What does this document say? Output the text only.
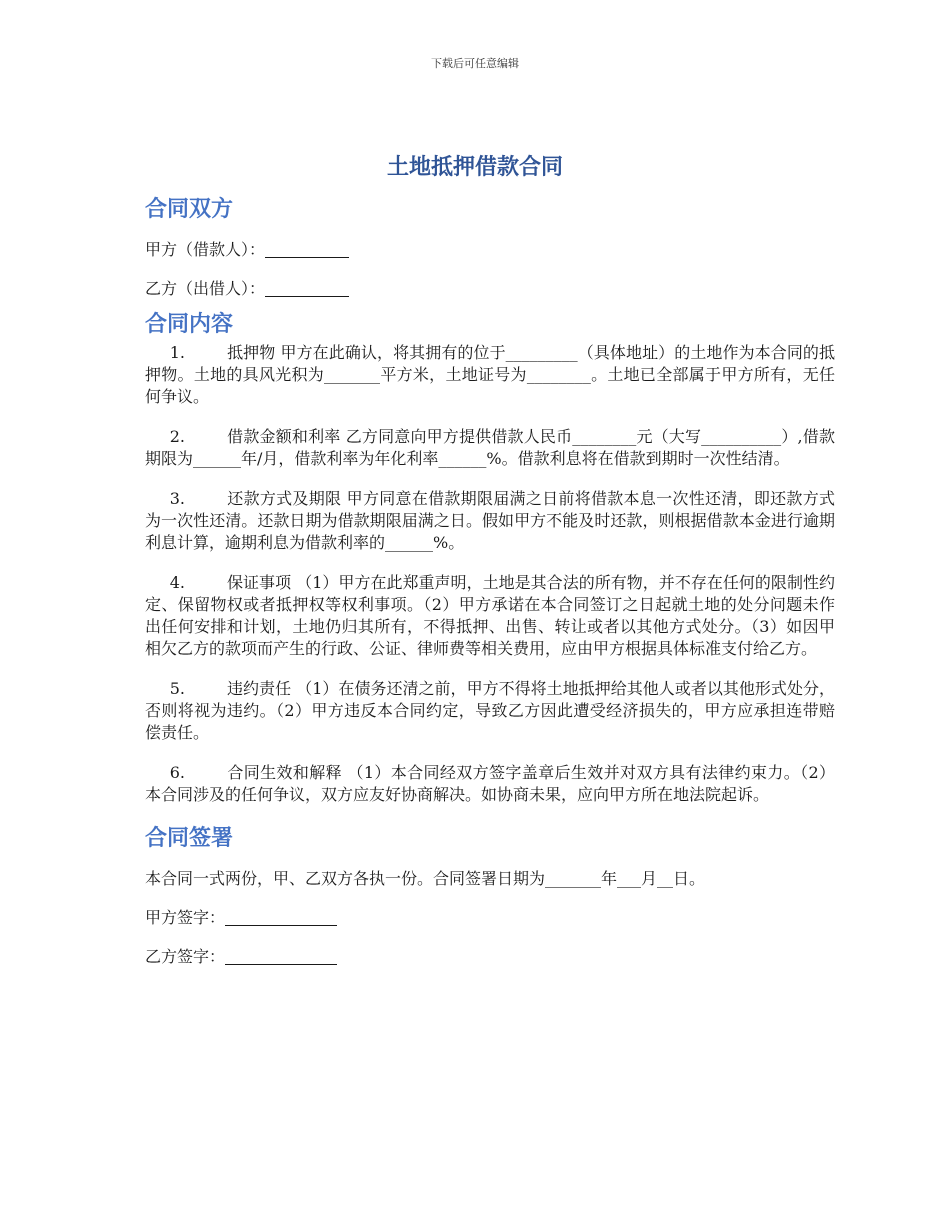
下载后可任意编辑
土地抵押借款合同
合同双方

甲方（借款人）：

乙方（出借人）：

合同内容

1.	抵押物 甲方在此确认，将其拥有的位于_________（具体地址）的土地作为本合同的抵押物。土地的具风光积为_______平方米，土地证号为________。土地已全部属于甲方所有，无任何争议。

2.	借款金额和利率 乙方同意向甲方提供借款人民币________元（大写__________）,借款期限为______年/月，借款利率为年化利率______%。借款利息将在借款到期时一次性结清。

3.	还款方式及期限 甲方同意在借款期限届满之日前将借款本息一次性还清，即还款方式为一次性还清。还款日期为借款期限届满之日。假如甲方不能及时还款，则根据借款本金进行逾期利息计算，逾期利息为借款利率的______%。

4.	保证事项 （1）甲方在此郑重声明，土地是其合法的所有物，并不存在任何的限制性约定、保留物权或者抵押权等权利事项。（2）甲方承诺在本合同签订之日起就土地的处分问题未作出任何安排和计划，土地仍归其所有，不得抵押、出售、转让或者以其他方式处分。（3）如因甲相欠乙方的款项而产生的行政、公证、律师费等相关费用，应由甲方根据具体标准支付给乙方。

5.	违约责任 （1）在债务还清之前，甲方不得将土地抵押给其他人或者以其他形式处分，否则将视为违约。（2）甲方违反本合同约定，导致乙方因此遭受经济损失的，甲方应承担连带赔偿责任。

6.	合同生效和解释 （1）本合同经双方签字盖章后生效并对双方具有法律约束力。（2）本合同涉及的任何争议，双方应友好协商解决。如协商未果，应向甲方所在地法院起诉。

合同签署

本合同一式两份，甲、乙双方各执一份。合同签署日期为_______年___月__日。

甲方签字：

乙方签字：
